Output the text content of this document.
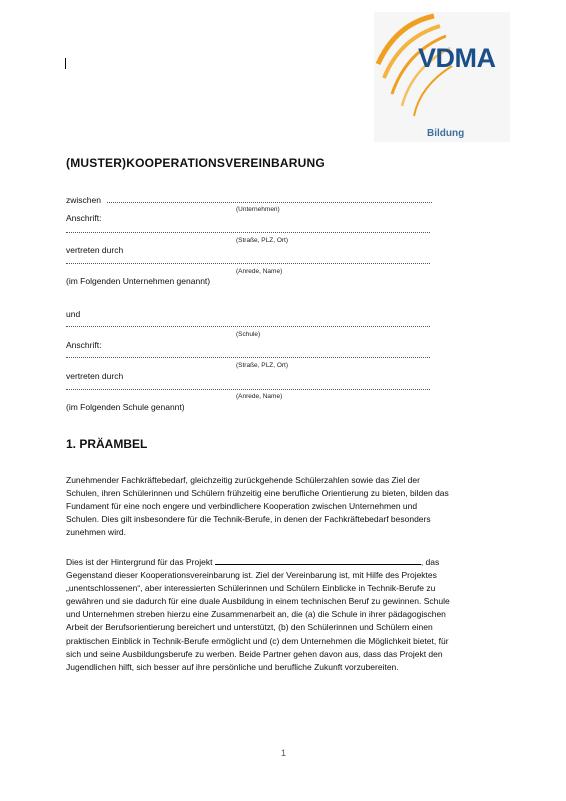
VDMA
Bildung
(MUSTER)KOOPERATIONSVEREINBARUNG
zwischen
(Unternehmen)
Anschrift:
(Straße, PLZ, Ort)
vertreten durch
(Anrede, Name)
(im Folgenden Unternehmen genannt)
und
(Schule)
Anschrift:
(Straße, PLZ, Ort)
vertreten durch
(Anrede, Name)
(im Folgenden Schule genannt)
1. PRÄAMBEL
Zunehmender Fachkräftebedarf, gleichzeitig zurückgehende Schülerzahlen sowie das Ziel der
Schulen, ihren Schülerinnen und Schülern frühzeitig eine berufliche Orientierung zu bieten, bilden das
Fundament für eine noch engere und verbindlichere Kooperation zwischen Unternehmen und
Schulen. Dies gilt insbesondere für die Technik-Berufe, in denen der Fachkräftebedarf besonders
zunehmen wird.
Dies ist der Hintergrund für das Projekt	, das
Gegenstand dieser Kooperationsvereinbarung ist. Ziel der Vereinbarung ist, mit Hilfe des Projektes
„unentschlossenen“, aber interessierten Schülerinnen und Schülern Einblicke in Technik-Berufe zu
gewähren und sie dadurch für eine duale Ausbildung in einem technischen Beruf zu gewinnen. Schule
und Unternehmen streben hierzu eine Zusammenarbeit an, die (a) die Schule in ihrer pädagogischen
Arbeit der Berufsorientierung bereichert und unterstützt, (b) den Schülerinnen und Schülern einen
praktischen Einblick in Technik-Berufe ermöglicht und (c) dem Unternehmen die Möglichkeit bietet, für
sich und seine Ausbildungsberufe zu werben. Beide Partner gehen davon aus, dass das Projekt den
Jugendlichen hilft, sich besser auf ihre persönliche und berufliche Zukunft vorzubereiten.
1
